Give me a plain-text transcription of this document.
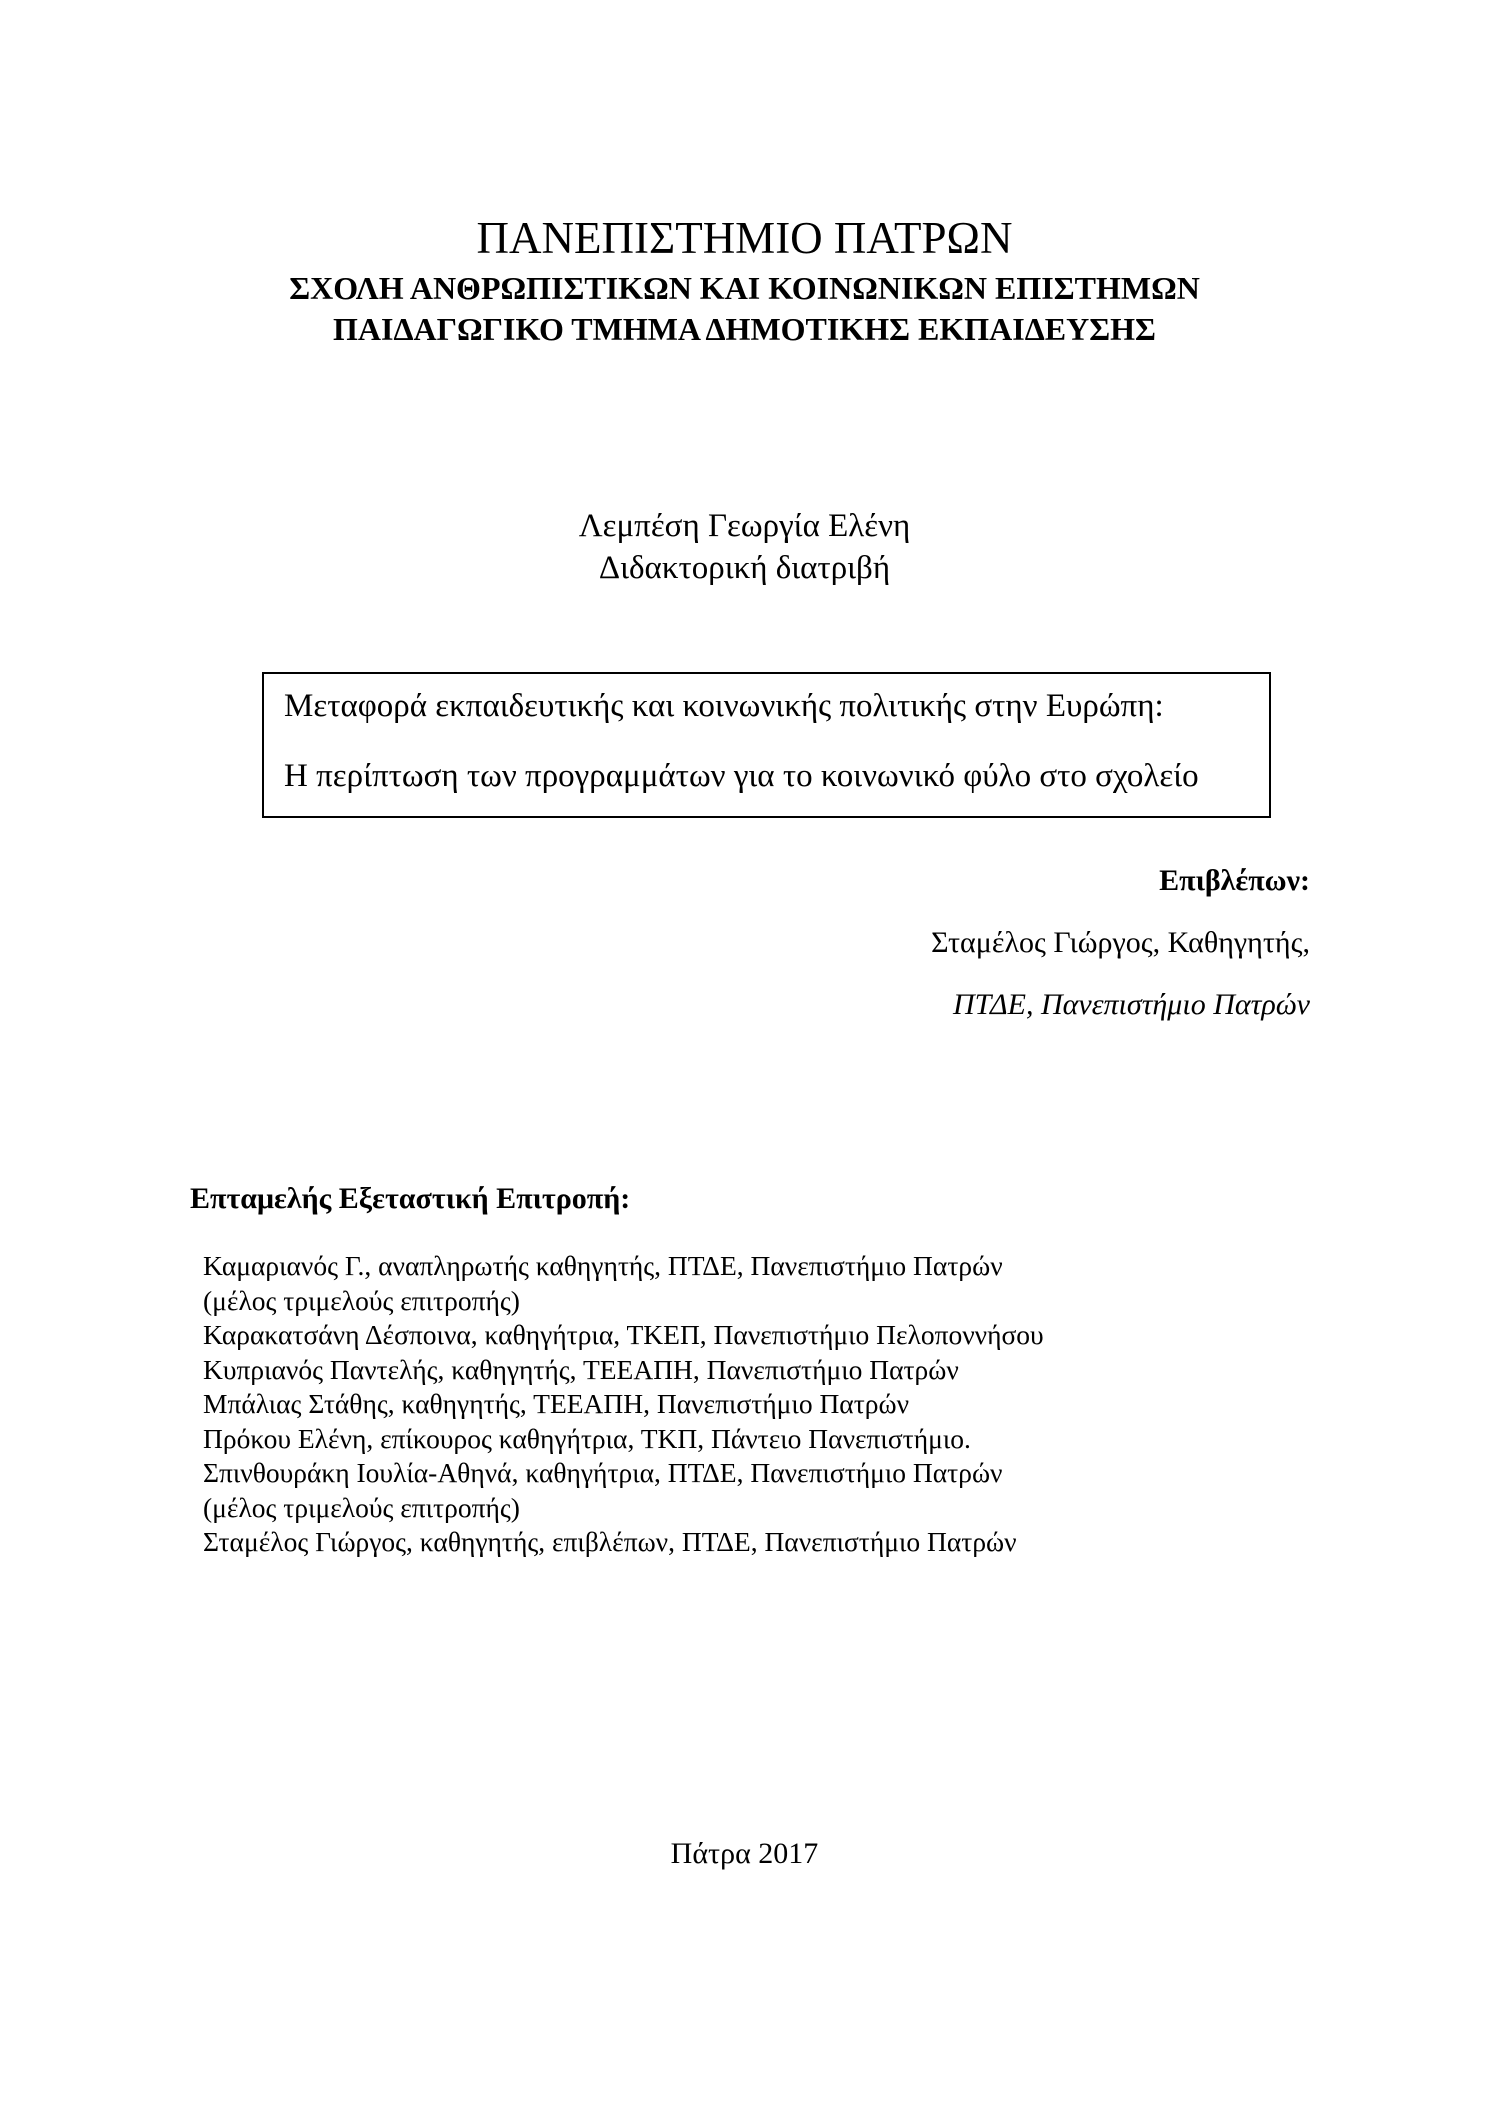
ΠΑΝΕΠΙΣΤΗΜΙΟ ΠΑΤΡΩΝ
ΣΧΟΛΗ ΑΝΘΡΩΠΙΣΤΙΚΩΝ ΚΑΙ ΚΟΙΝΩΝΙΚΩΝ ΕΠΙΣΤΗΜΩΝ
ΠΑΙΔΑΓΩΓΙΚΟ ΤΜΗΜΑ ΔΗΜΟΤΙΚΗΣ ΕΚΠΑΙΔΕΥΣΗΣ
Λεμπέση Γεωργία Ελένη
Διδακτορική διατριβή
Μεταφορά εκπαιδευτικής και κοινωνικής πολιτικής στην Ευρώπη:
Η περίπτωση των προγραμμάτων για το κοινωνικό φύλο στο σχολείο
Επιβλέπων:
Σταμέλος Γιώργος, Καθηγητής,
ΠΤΔΕ, Πανεπιστήμιο Πατρών
Επταμελής Εξεταστική Επιτροπή:
Καμαριανός Γ., αναπληρωτής καθηγητής, ΠΤΔΕ, Πανεπιστήμιο Πατρών
(μέλος τριμελούς επιτροπής)
Καρακατσάνη Δέσποινα, καθηγήτρια, ΤΚΕΠ, Πανεπιστήμιο Πελοποννήσου
Κυπριανός Παντελής, καθηγητής, ΤΕΕΑΠΗ, Πανεπιστήμιο Πατρών
Μπάλιας Στάθης, καθηγητής, ΤΕΕΑΠΗ, Πανεπιστήμιο Πατρών
Πρόκου Ελένη, επίκουρος καθηγήτρια, ΤΚΠ, Πάντειο Πανεπιστήμιο.
Σπινθουράκη Ιουλία-Αθηνά, καθηγήτρια, ΠΤΔΕ, Πανεπιστήμιο Πατρών
(μέλος τριμελούς επιτροπής)
Σταμέλος Γιώργος, καθηγητής, επιβλέπων, ΠΤΔΕ, Πανεπιστήμιο Πατρών
Πάτρα 2017
